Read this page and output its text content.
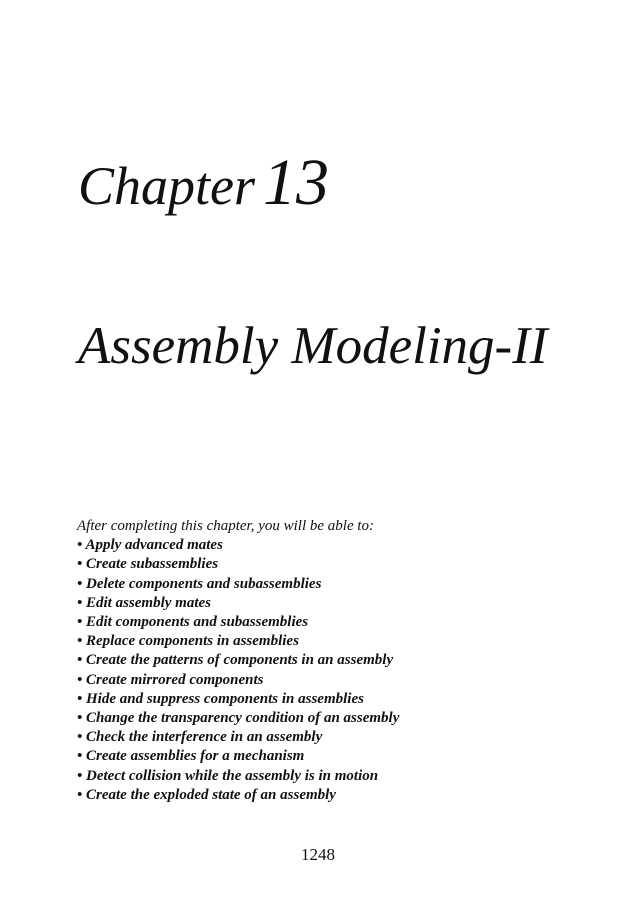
Chapter 13
Assembly Modeling-II

After completing this chapter, you will be able to:

• Apply advanced mates
• Create subassemblies
• Delete components and subassemblies
• Edit assembly mates
• Edit components and subassemblies
• Replace components in assemblies
• Create the patterns of components in an assembly
• Create mirrored components
• Hide and suppress components in assemblies
• Change the transparency condition of an assembly
• Check the interference in an assembly
• Create assemblies for a mechanism
• Detect collision while the assembly is in motion
• Create the exploded state of an assembly

1248
